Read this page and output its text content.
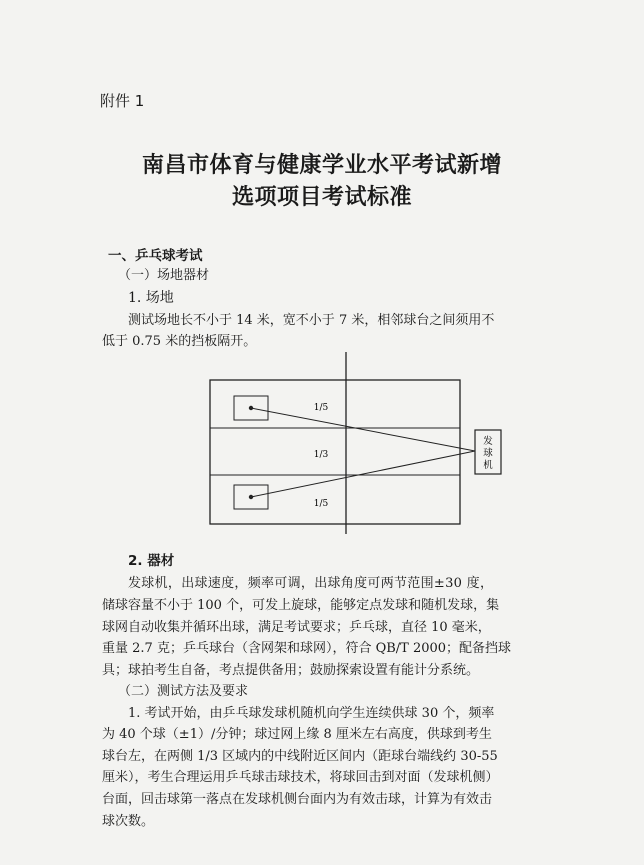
附件 1
南昌市体育与健康学业水平考试新增
选项项目考试标准
一、乒乓球考试
（一）场地器材
1. 场地
测试场地长不小于 14 米，宽不小于 7 米，相邻球台之间须用不
低于 0.75 米的挡板隔开。
1/5
1/3
1/5
发
球
机
2. 器材
发球机，出球速度，频率可调，出球角度可两节范围±30 度，
储球容量不小于 100 个，可发上旋球，能够定点发球和随机发球，集
球网自动收集并循环出球，满足考试要求；乒乓球，直径 10 毫米，
重量 2.7 克；乒乓球台（含网架和球网），符合 QB/T 2000；配备挡球
具；球拍考生自备，考点提供备用；鼓励探索设置有能计分系统。
（二）测试方法及要求
1. 考试开始，由乒乓球发球机随机向学生连续供球 30 个，频率
为 40 个球（±1）/分钟；球过网上缘 8 厘米左右高度，供球到考生
球台左，在两侧 1/3 区域内的中线附近区间内（距球台端线约 30-55
厘米），考生合理运用乒乓球击球技术，将球回击到对面（发球机侧）
台面，回击球第一落点在发球机侧台面内为有效击球，计算为有效击
球次数。
